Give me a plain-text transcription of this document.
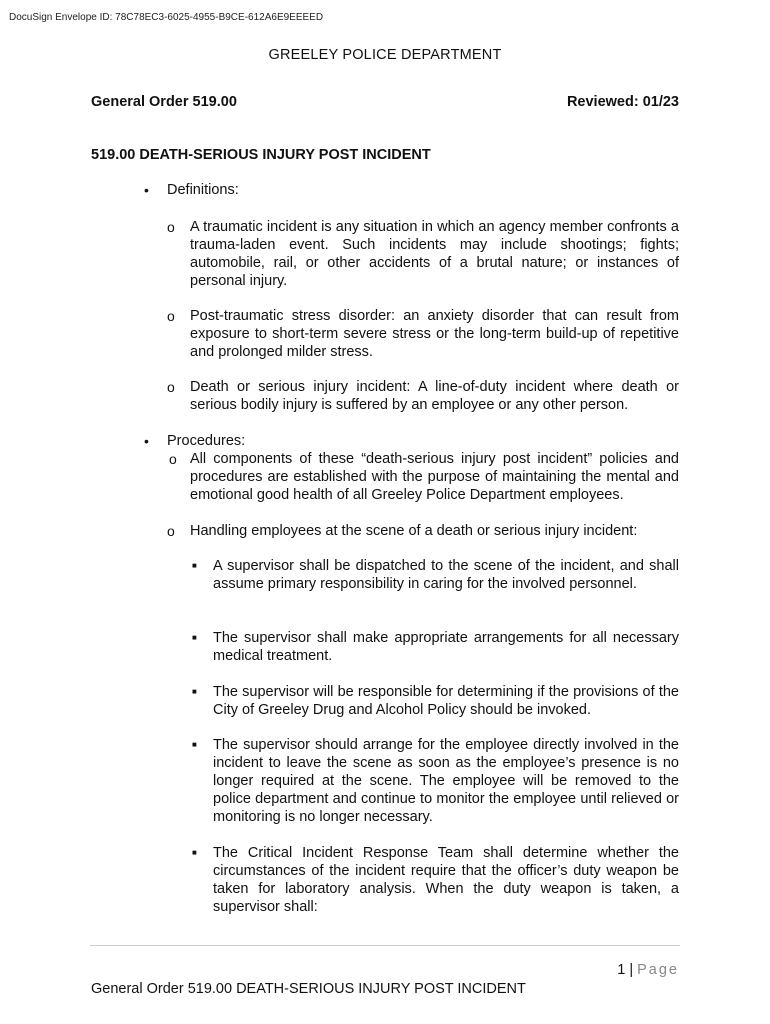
DocuSign Envelope ID: 78C78EC3-6025-4955-B9CE-612A6E9EEEED
GREELEY POLICE DEPARTMENT
General Order 519.00	Reviewed: 01/23
519.00 DEATH-SERIOUS INJURY POST INCIDENT
• Definitions:
o A traumatic incident is any situation in which an agency member confronts a trauma-laden event. Such incidents may include shootings; fights; automobile, rail, or other accidents of a brutal nature; or instances of personal injury.
o Post-traumatic stress disorder: an anxiety disorder that can result from exposure to short-term severe stress or the long-term build-up of repetitive and prolonged milder stress.
o Death or serious injury incident: A line-of-duty incident where death or serious bodily injury is suffered by an employee or any other person.
• Procedures:
o All components of these “death-serious injury post incident” policies and procedures are established with the purpose of maintaining the mental and emotional good health of all Greeley Police Department employees.
o Handling employees at the scene of a death or serious injury incident:
■ A supervisor shall be dispatched to the scene of the incident, and shall assume primary responsibility in caring for the involved personnel.
■ The supervisor shall make appropriate arrangements for all necessary medical treatment.
■ The supervisor will be responsible for determining if the provisions of the City of Greeley Drug and Alcohol Policy should be invoked.
■ The supervisor should arrange for the employee directly involved in the incident to leave the scene as soon as the employee’s presence is no longer required at the scene. The employee will be removed to the police department and continue to monitor the employee until relieved or monitoring is no longer necessary.
■ The Critical Incident Response Team shall determine whether the circumstances of the incident require that the officer’s duty weapon be taken for laboratory analysis. When the duty weapon is taken, a supervisor shall:
1 | Page
General Order 519.00 DEATH-SERIOUS INJURY POST INCIDENT
